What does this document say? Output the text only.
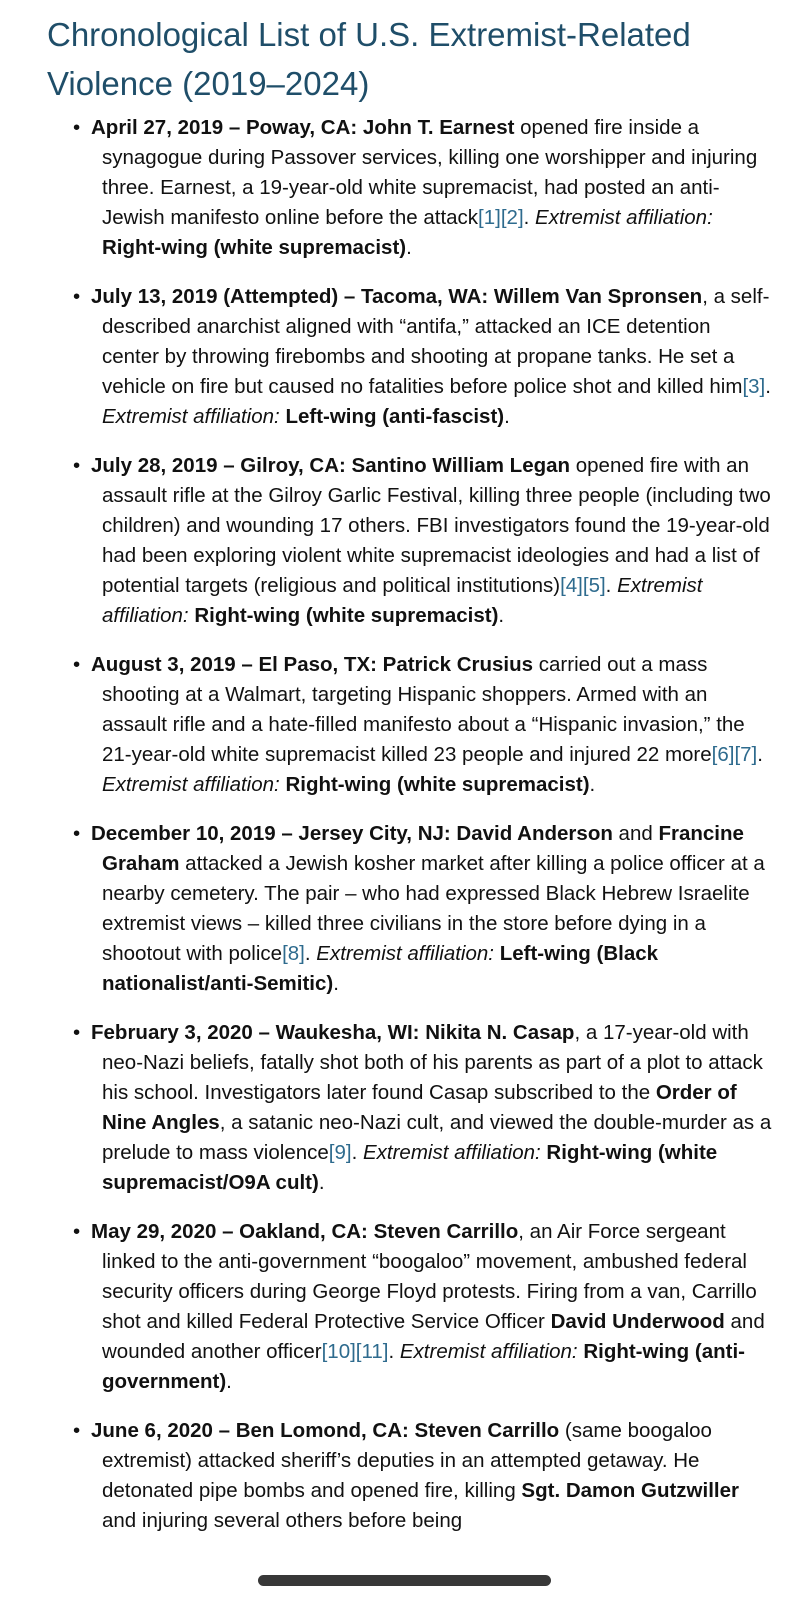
Chronological List of U.S. Extremist-Related Violence (2019–2024)
• April 27, 2019 – Poway, CA: John T. Earnest opened fire inside a synagogue during Passover services, killing one worshipper and injuring three. Earnest, a 19-year-old white supremacist, had posted an anti-Jewish manifesto online before the attack[1][2]. Extremist affiliation: Right-wing (white supremacist).
• July 13, 2019 (Attempted) – Tacoma, WA: Willem Van Spronsen, a self-described anarchist aligned with “antifa,” attacked an ICE detention center by throwing firebombs and shooting at propane tanks. He set a vehicle on fire but caused no fatalities before police shot and killed him[3]. Extremist affiliation: Left-wing (anti-fascist).
• July 28, 2019 – Gilroy, CA: Santino William Legan opened fire with an assault rifle at the Gilroy Garlic Festival, killing three people (including two children) and wounding 17 others. FBI investigators found the 19-year-old had been exploring violent white supremacist ideologies and had a list of potential targets (religious and political institutions)[4][5]. Extremist affiliation: Right-wing (white supremacist).
• August 3, 2019 – El Paso, TX: Patrick Crusius carried out a mass shooting at a Walmart, targeting Hispanic shoppers. Armed with an assault rifle and a hate-filled manifesto about a “Hispanic invasion,” the 21-year-old white supremacist killed 23 people and injured 22 more[6][7]. Extremist affiliation: Right-wing (white supremacist).
• December 10, 2019 – Jersey City, NJ: David Anderson and Francine Graham attacked a Jewish kosher market after killing a police officer at a nearby cemetery. The pair – who had expressed Black Hebrew Israelite extremist views – killed three civilians in the store before dying in a shootout with police[8]. Extremist affiliation: Left-wing (Black nationalist/anti-Semitic).
• February 3, 2020 – Waukesha, WI: Nikita N. Casap, a 17-year-old with neo-Nazi beliefs, fatally shot both of his parents as part of a plot to attack his school. Investigators later found Casap subscribed to the Order of Nine Angles, a satanic neo-Nazi cult, and viewed the double-murder as a prelude to mass violence[9]. Extremist affiliation: Right-wing (white supremacist/O9A cult).
• May 29, 2020 – Oakland, CA: Steven Carrillo, an Air Force sergeant linked to the anti-government “boogaloo” movement, ambushed federal security officers during George Floyd protests. Firing from a van, Carrillo shot and killed Federal Protective Service Officer David Underwood and wounded another officer[10][11]. Extremist affiliation: Right-wing (anti-government).
• June 6, 2020 – Ben Lomond, CA: Steven Carrillo (same boogaloo extremist) attacked sheriff’s deputies in an attempted getaway. He detonated pipe bombs and opened fire, killing Sgt. Damon Gutzwiller and injuring several others before being
